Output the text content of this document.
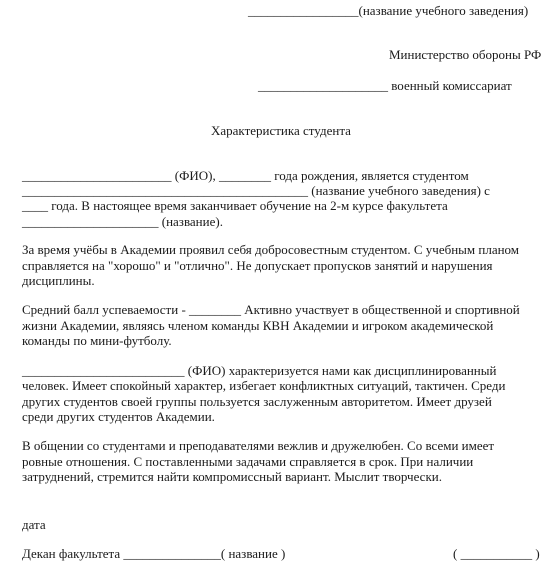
_________________(название учебного заведения)
Министерство обороны РФ
____________________ военный комиссариат
Характеристика студента
_______________________ (ФИО), ________ года рождения, является студентом
____________________________________________ (название учебного заведения) с
____ года. В настоящее время заканчивает обучение на 2-м курсе факультета
_____________________ (название).
За время учёбы в Академии проявил себя добросовестным студентом. С учебным планом
справляется на "хорошо" и "отлично". Не допускает пропусков занятий и нарушения
дисциплины.
Средний балл успеваемости - ________ Активно участвует в общественной и спортивной
жизни Академии, являясь членом команды КВН Академии и игроком академической
команды по мини-футболу.
_________________________ (ФИО) характеризуется нами как дисциплинированный
человек. Имеет спокойный характер, избегает конфликтных ситуаций, тактичен. Среди
других студентов своей группы пользуется заслуженным авторитетом. Имеет друзей
среди других студентов Академии.
В общении со студентами и преподавателями вежлив и дружелюбен. Со всеми имеет
ровные отношения. С поставленными задачами справляется в срок. При наличии
затруднений, стремится найти компромиссный вариант. Мыслит творчески.
дата
Декан факультета _______________( название )	( ___________ )
